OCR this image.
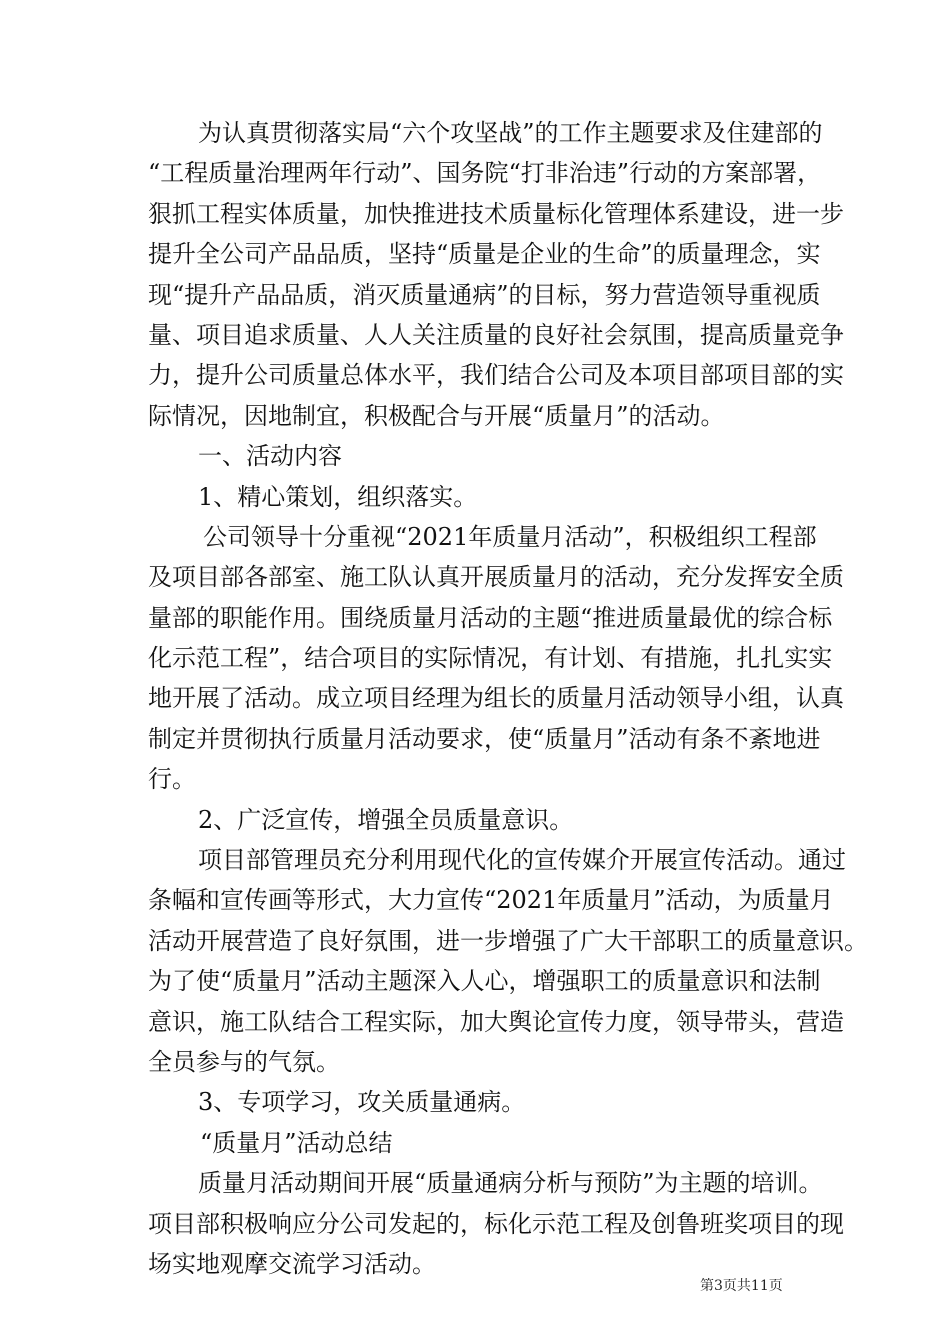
为认真贯彻落实局“六个攻坚战”的工作主题要求及住建部的
“工程质量治理两年行动”、国务院“打非治违”行动的方案部署，
狠抓工程实体质量，加快推进技术质量标化管理体系建设，进一步
提升全公司产品品质，坚持“质量是企业的生命”的质量理念，实
现“提升产品品质，消灭质量通病”的目标，努力营造领导重视质
量、项目追求质量、人人关注质量的良好社会氛围，提高质量竞争
力，提升公司质量总体水平，我们结合公司及本项目部项目部的实
际情况，因地制宜，积极配合与开展“质量月”的活动。
一、活动内容
1、精心策划，组织落实。
公司领导十分重视“2021年质量月活动”，积极组织工程部
及项目部各部室、施工队认真开展质量月的活动，充分发挥安全质
量部的职能作用。围绕质量月活动的主题“推进质量最优的综合标
化示范工程”，结合项目的实际情况，有计划、有措施，扎扎实实
地开展了活动。成立项目经理为组长的质量月活动领导小组，认真
制定并贯彻执行质量月活动要求，使“质量月”活动有条不紊地进
行。
2、广泛宣传，增强全员质量意识。
项目部管理员充分利用现代化的宣传媒介开展宣传活动。通过
条幅和宣传画等形式，大力宣传“2021年质量月”活动，为质量月
活动开展营造了良好氛围，进一步增强了广大干部职工的质量意识。
为了使“质量月”活动主题深入人心，增强职工的质量意识和法制
意识，施工队结合工程实际，加大舆论宣传力度，领导带头，营造
全员参与的气氛。
3、专项学习，攻关质量通病。
“质量月”活动总结
质量月活动期间开展“质量通病分析与预防”为主题的培训。
项目部积极响应分公司发起的，标化示范工程及创鲁班奖项目的现
场实地观摩交流学习活动。
第3页共11页
